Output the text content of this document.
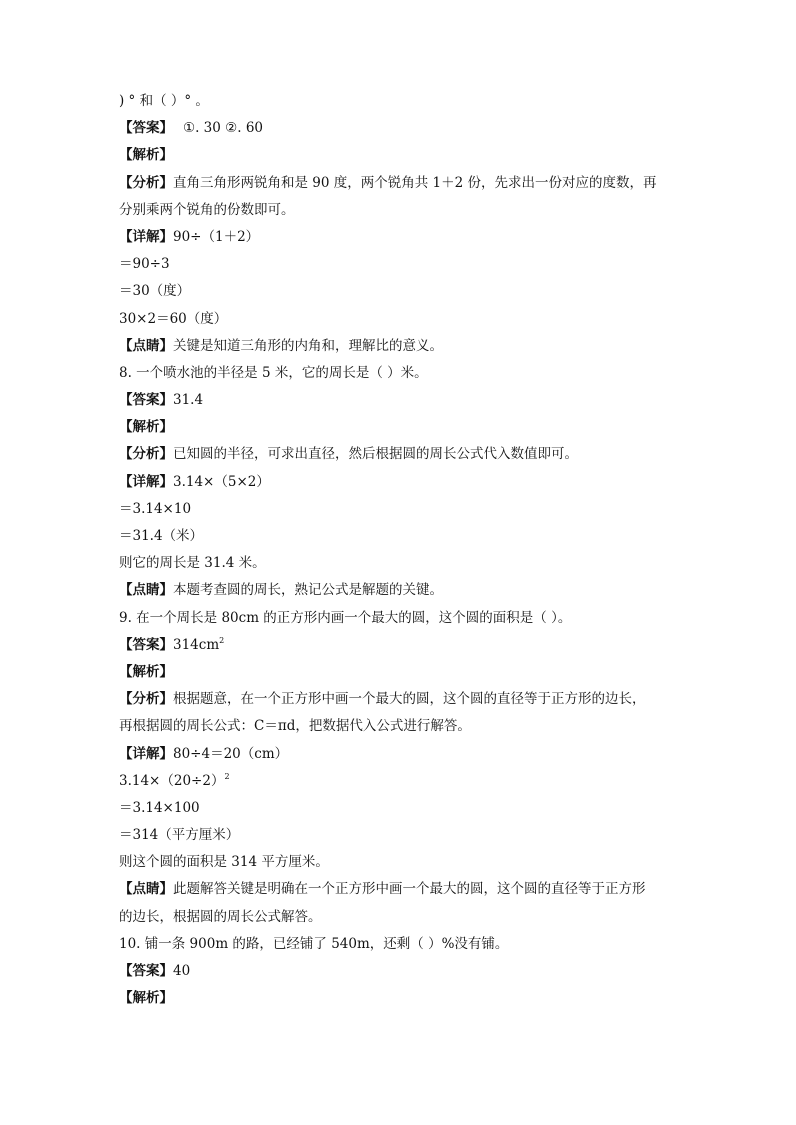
) ° 和（ ）° 。
【答案】 ①. 30 ②. 60
【解析】
【分析】直角三角形两锐角和是 90 度，两个锐角共 1＋2 份，先求出一份对应的度数，再
分别乘两个锐角的份数即可。
【详解】90÷（1＋2）
＝90÷3
＝30（度）
30×2＝60（度）
【点睛】关键是知道三角形的内角和，理解比的意义。
8. 一个喷水池的半径是 5 米，它的周长是（ ）米。
【答案】31.4
【解析】
【分析】已知圆的半径，可求出直径，然后根据圆的周长公式代入数值即可。
【详解】3.14×（5×2）
＝3.14×10
＝31.4（米）
则它的周长是 31.4 米。
【点睛】本题考查圆的周长，熟记公式是解题的关键。
9. 在一个周长是 80cm 的正方形内画一个最大的圆，这个圆的面积是（ ）。
【答案】$314cm^2$
【解析】
【分析】根据题意，在一个正方形中画一个最大的圆，这个圆的直径等于正方形的边长，
再根据圆的周长公式：C＝πd，把数据代入公式进行解答。
【详解】80÷4＝20（cm）
$3.14\times(20\div 2)^2$
＝3.14×100
＝314（平方厘米）
则这个圆的面积是 314 平方厘米。
【点睛】此题解答关键是明确在一个正方形中画一个最大的圆，这个圆的直径等于正方形
的边长，根据圆的周长公式解答。
10. 铺一条 900m 的路，已经铺了 540m，还剩（ ）%没有铺。
【答案】40
【解析】
